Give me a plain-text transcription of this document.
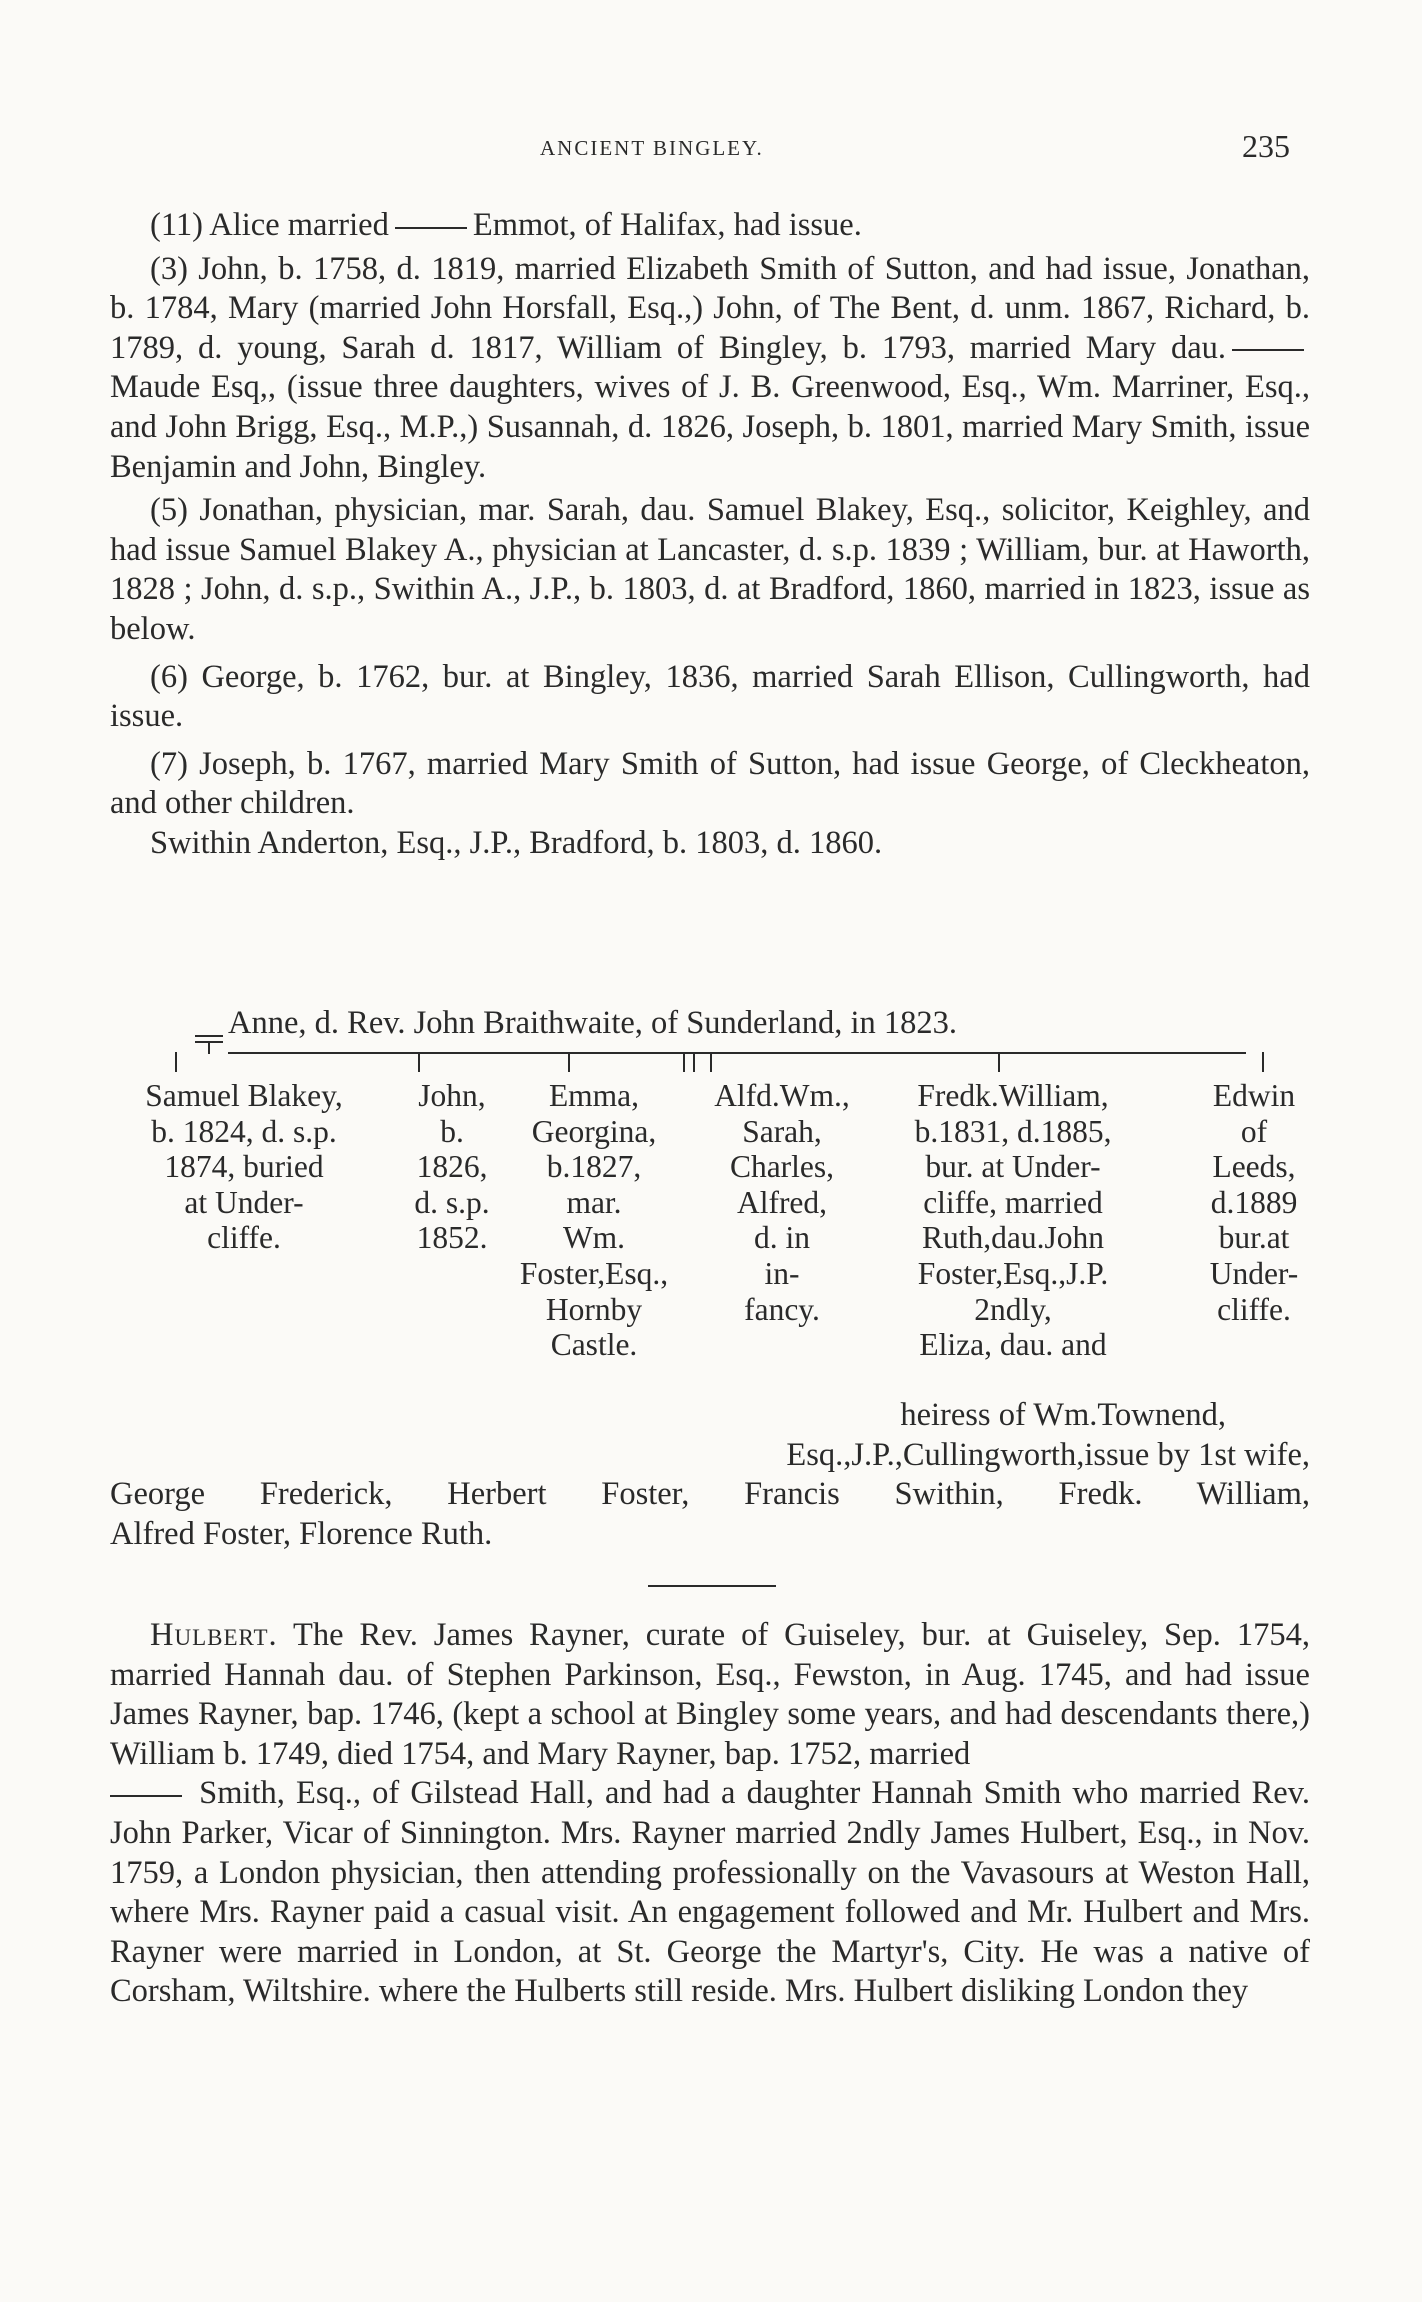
ANCIENT BINGLEY.	235

(11) Alice married	Emmot, of Halifax, had issue.

(3) John, b. 1758, d. 1819, married Elizabeth Smith of Sutton, and had issue, Jonathan, b. 1784, Mary (married John Horsfall, Esq.,) John, of The Bent, d. unm. 1867, Richard, b. 1789, d. young, Sarah d. 1817, William of Bingley, b. 1793, married Mary dau.Maude Esq,, (issue three daughters, wives of J. B. Greenwood, Esq., Wm. Marriner, Esq., and John Brigg, Esq., M.P.,) Susannah, d. 1826, Joseph, b. 1801, married Mary Smith, issue Benjamin and John, Bingley.

(5) Jonathan, physician, mar. Sarah, dau. Samuel Blakey, Esq., solicitor, Keighley, and had issue Samuel Blakey A., physician at Lancaster, d. s.p. 1839 ; William, bur. at Haworth, 1828 ; John, d. s.p., Swithin A., J.P., b. 1803, d. at Bradford, 1860, married in 1823, issue as below.

(6) George, b. 1762, bur. at Bingley, 1836, married Sarah Ellison, Cullingworth, had issue.

(7) Joseph, b. 1767, married Mary Smith of Sutton, had issue George, of Cleckheaton, and other children.

Swithin Anderton, Esq., J.P., Bradford, b. 1803, d. 1860.

Anne, d. Rev. John Braithwaite, of Sunderland, in 1823.
Samuel Blakey,
b. 1824, d. s.p.
1874, buried
at Under-
cliffe.
John,
b.
1826,
d. s.p.
1852.
Emma,
Georgina,
b.1827,
mar.
Wm.
Foster,Esq.,
Hornby
Castle.
Alfd.Wm.,
Sarah,
Charles,
Alfred,
d. in
in-
fancy.
Fredk.William,
b.1831, d.1885,
bur. at Under-
cliffe, married
Ruth,dau.John
Foster,Esq.,J.P.
2ndly,
Eliza, dau. and
Edwin
of
Leeds,
d.1889
bur.at
Under-
cliffe.
heiress of Wm.Townend,
Esq.,J.P.,Cullingworth,issue by 1st wife,
George Frederick, Herbert Foster, Francis Swithin, Fredk. William,
Alfred Foster, Florence Ruth.

Hulbert. The Rev. James Rayner, curate of Guiseley, bur. at Guiseley, Sep. 1754, married Hannah dau. of Stephen Parkinson, Esq., Fewston, in Aug. 1745, and had issue James Rayner, bap. 1746, (kept a school at Bingley some years, and had descendants there,) William b. 1749, died 1754, and Mary Rayner, bap. 1752, married
Smith, Esq., of Gilstead Hall, and had a daughter Hannah Smith who married Rev. John Parker, Vicar of Sinnington. Mrs. Rayner married 2ndly James Hulbert, Esq., in Nov. 1759, a London physician, then attending professionally on the Vavasours at Weston Hall, where Mrs. Rayner paid a casual visit. An engagement followed and Mr. Hulbert and Mrs. Rayner were married in London, at St. George the Martyr's, City. He was a native of Corsham, Wiltshire. where the Hulberts still reside. Mrs. Hulbert disliking London they
